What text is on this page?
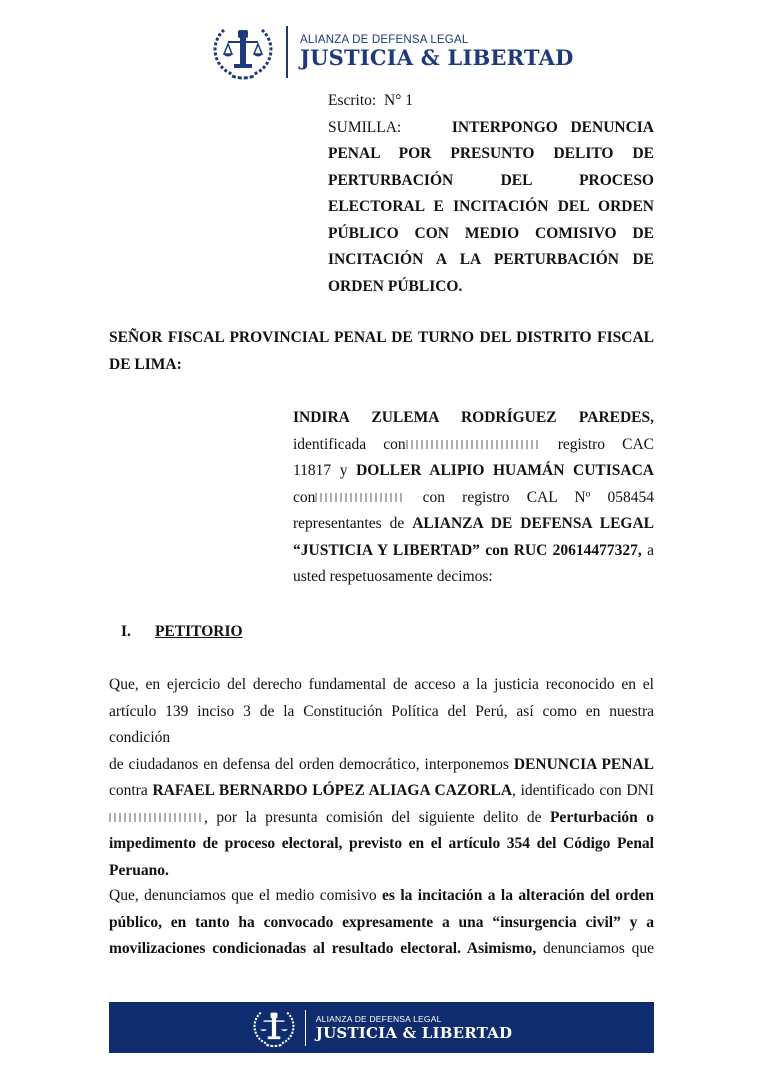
ALIANZA DE DEFENSA LEGAL
JUSTICIA & LIBERTAD
Escrito: N° 1
SUMILLA:	INTERPONGO DENUNCIA
PENAL POR PRESUNTO DELITO DE
PERTURBACIÓN DEL PROCESO
ELECTORAL E INCITACIÓN DEL ORDEN
PÚBLICO CON MEDIO COMISIVO DE
INCITACIÓN A LA PERTURBACIÓN DE
ORDEN PÚBLICO.
SEÑOR FISCAL PROVINCIAL PENAL DE TURNO DEL DISTRITO FISCAL
DE LIMA:
INDIRA ZULEMA RODRÍGUEZ PAREDES,
identificada con	registro CAC
11817 y DOLLER ALIPIO HUAMÁN CUTISACA
con	con registro CAL Nº 058454
representantes de ALIANZA DE DEFENSA LEGAL
“JUSTICIA Y LIBERTAD” con RUC 20614477327, a
usted respetuosamente decimos:
I. PETITORIO
Que, en ejercicio del derecho fundamental de acceso a la justicia reconocido en el
artículo 139 inciso 3 de la Constitución Política del Perú, así como en nuestra condición
de ciudadanos en defensa del orden democrático, interponemos DENUNCIA PENAL
contra RAFAEL BERNARDO LÓPEZ ALIAGA CAZORLA, identificado con DNI
, por la presunta comisión del siguiente delito de Perturbación o
impedimento de proceso electoral, previsto en el artículo 354 del Código Penal
Peruano.
Que, denunciamos que el medio comisivo es la incitación a la alteración del orden
público, en tanto ha convocado expresamente a una “insurgencia civil” y a
movilizaciones condicionadas al resultado electoral. Asimismo, denunciamos que
ALIANZA DE DEFENSA LEGAL
JUSTICIA & LIBERTAD
